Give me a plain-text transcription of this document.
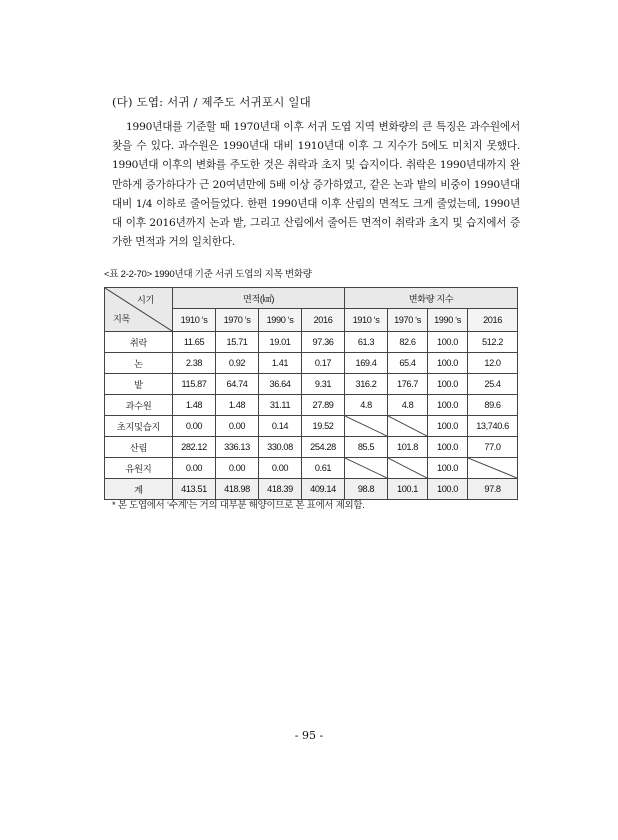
(다) 도엽: 서귀 / 제주도 서귀포시 일대
1990년대를 기준할 때 1970년대 이후 서귀 도엽 지역 변화량의 큰 특징은 과수원에서 찾을 수 있다. 과수원은 1990년대 대비 1910년대 이후 그 지수가 5에도 미치지 못했다. 1990년대 이후의 변화를 주도한 것은 취락과 초지 및 습지이다. 취락은 1990년대까지 완만하게 증가하다가 근 20여년만에 5배 이상 증가하였고, 같은 논과 밭의 비중이 1990년대 대비 1/4 이하로 줄어들었다. 한편 1990년대 이후 산림의 면적도 크게 줄었는데, 1990년대 이후 2016년까지 논과 밭, 그리고 산림에서 줄어든 면적이 취락과 초지 및 습지에서 증가한 면적과 거의 일치한다.
<표 2-2-70> 1990년대 기준 서귀 도엽의 지목 변화량
시기
지목	면적(㎢)				변화량 지수			
	1910 ‘s	1970 ‘s	1990 ‘s	2016	1910 ‘s	1970 ‘s	1990 ‘s	2016
취락	11.65	15.71	19.01	97.36	61.3	82.6	100.0	512.2
논	2.38	0.92	1.41	0.17	169.4	65.4	100.0	12.0
밭	115.87	64.74	36.64	9.31	316.2	176.7	100.0	25.4
과수원	1.48	1.48	31.11	27.89	4.8	4.8	100.0	89.6
초지및습지	0.00	0.00	0.14	19.52			100.0	13,740.6
산림	282.12	336.13	330.08	254.28	85.5	101.8	100.0	77.0
유원지	0.00	0.00	0.00	0.61			100.0	

계	413.51	418.98	418.39	409.14	98.8	100.1	100.0	97.8
* 본 도엽에서 ‘수계’는 거의 대부분 해양이므로 본 표에서 제외함.
- 95 -
